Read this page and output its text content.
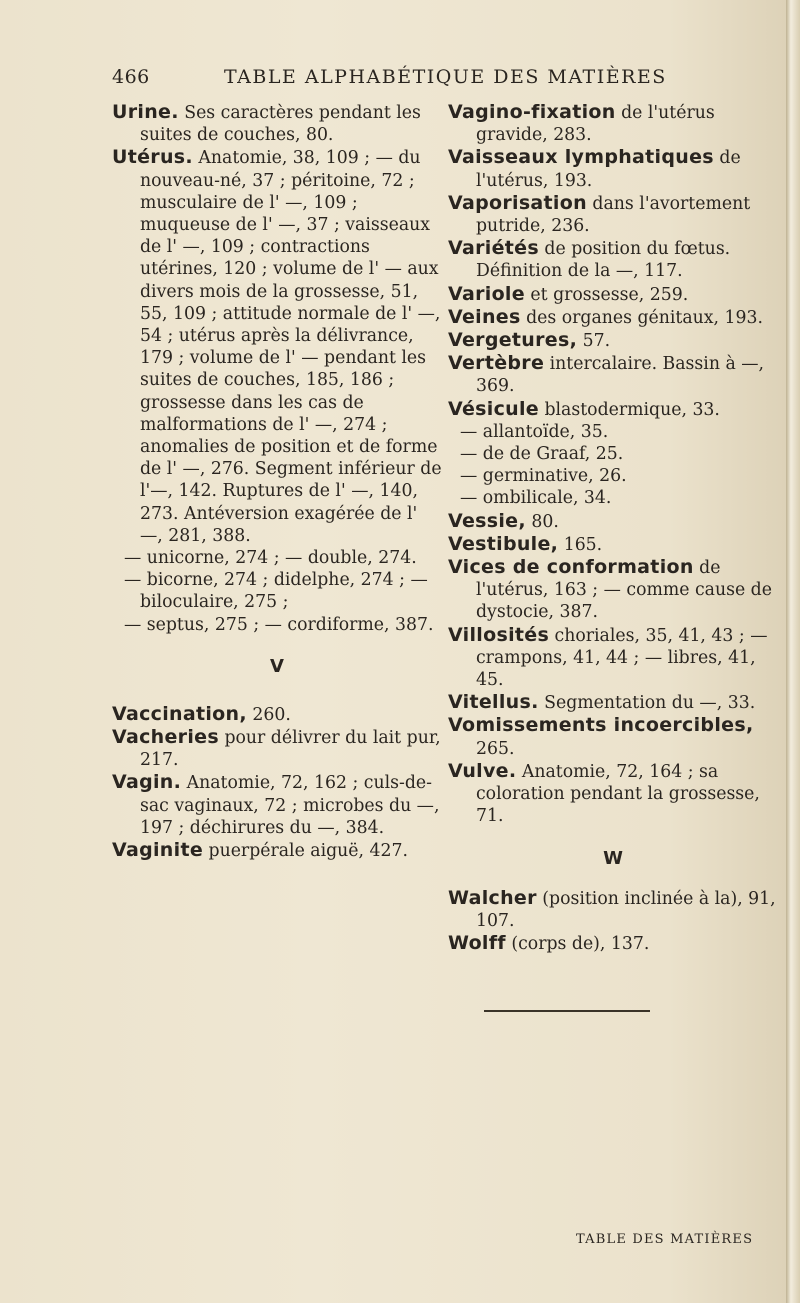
466	TABLE ALPHABÉTIQUE DES MATIÈRES

Urine. Ses caractères pendant les suites de couches, 80.

Utérus. Anatomie, 38, 109 ; — du nouveau-né, 37 ; péritoine, 72 ; musculaire de l' —, 109 ; muqueuse de l' —, 37 ; vaisseaux de l' —, 109 ; contractions utérines, 120 ; volume de l' — aux divers mois de la grossesse, 51, 55, 109 ; attitude normale de l' —, 54 ; utérus après la délivrance, 179 ; volume de l' — pendant les suites de couches, 185, 186 ; grossesse dans les cas de malformations de l' —, 274 ; anomalies de position et de forme de l' —, 276. Segment inférieur de l'—, 142. Ruptures de l' —, 140, 273. Antéversion exagérée de l' —, 281, 388.

— unicorne, 274 ; — double, 274.

— bicorne, 274 ; didelphe, 274 ; — biloculaire, 275 ;

— septus, 275 ; — cordiforme, 387.

V

Vaccination, 260.

Vacheries pour délivrer du lait pur, 217.

Vagin. Anatomie, 72, 162 ; culs-de-sac vaginaux, 72 ; microbes du —, 197 ; déchirures du —, 384.

Vaginite puerpérale aiguë, 427.

Vagino-fixation de l'utérus gravide, 283.

Vaisseaux lymphatiques de l'utérus, 193.

Vaporisation dans l'avortement putride, 236.

Variétés de position du fœtus. Définition de la —, 117.

Variole et grossesse, 259.

Veines des organes génitaux, 193.

Vergetures, 57.

Vertèbre intercalaire. Bassin à —, 369.

Vésicule blastodermique, 33.

— allantoïde, 35.

— de de Graaf, 25.

— germinative, 26.

— ombilicale, 34.

Vessie, 80.

Vestibule, 165.

Vices de conformation de l'utérus, 163 ; — comme cause de dystocie, 387.

Villosités choriales, 35, 41, 43 ; — crampons, 41, 44 ; — libres, 41, 45.

Vitellus. Segmentation du —, 33.

Vomissements incoercibles, 265.

Vulve. Anatomie, 72, 164 ; sa coloration pendant la grossesse, 71.

W

Walcher (position inclinée à la), 91, 107.

Wolff (corps de), 137.

TABLE DES MATIÈRES
